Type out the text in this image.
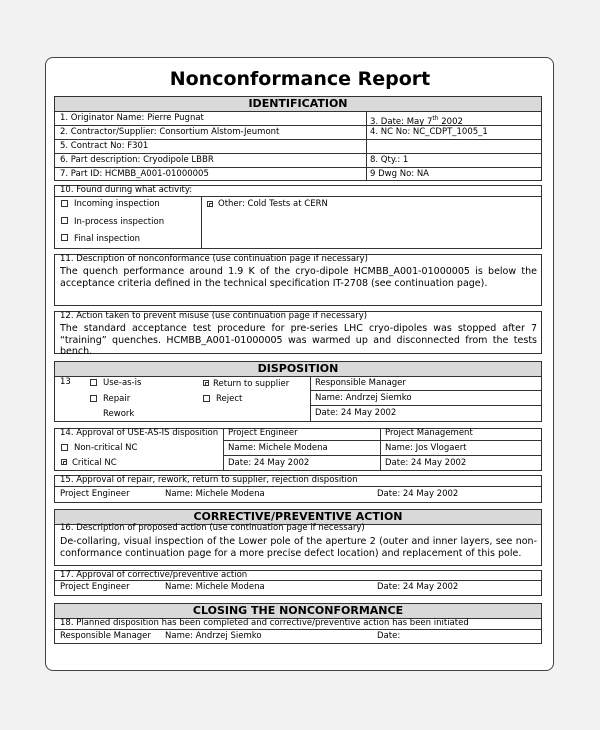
Nonconformance Report
IDENTIFICATION
1. Originator Name: Pierre Pugnat	3. Date: May 7th 2002
2. Contractor/Supplier: Consortium Alstom-Jeumont	4. NC No: NC_CDPT_1005_1
5. Contract No: F301
6. Part description: Cryodipole LBBR	8. Qty.: 1
7. Part ID: HCMBB_A001-01000005	9 Dwg No: NA
10. Found during what activity:
Incoming inspection
In-process inspection
Final inspection
Other: Cold Tests at CERN
11. Description of nonconformance (use continuation page if necessary)
The quench performance around 1.9 K of the cryo-dipole HCMBB_A001-01000005 is below the acceptance criteria defined in the technical specification IT-2708 (see continuation page).
12. Action taken to prevent misuse (use continuation page if necessary)
The standard acceptance test procedure for pre-series LHC cryo-dipoles was stopped after 7 “training” quenches. HCMBB_A001-01000005 was warmed up and disconnected from the tests bench.
DISPOSITION
13	Use-as-is
Repair
Rework
Return to supplier
Reject
Responsible Manager
Name: Andrzej Siemko
Date: 24 May 2002
14. Approval of USE-AS-IS disposition
Non-critical NC
Critical NC
Project Engineer
Name: Michele Modena
Date: 24 May 2002
Project Management
Name: Jos Vlogaert
Date: 24 May 2002
15. Approval of repair, rework, return to supplier, rejection disposition
Project Engineer	Name: Michele Modena	Date: 24 May 2002
CORRECTIVE/PREVENTIVE ACTION
16. Description of proposed action (use continuation page if necessary)
De-collaring, visual inspection of the Lower pole of the aperture 2 (outer and inner layers, see non-conformance continuation page for a more precise defect location) and replacement of this pole.
17. Approval of corrective/preventive action
Project Engineer	Name: Michele Modena	Date: 24 May 2002
CLOSING THE NONCONFORMANCE
18. Planned disposition has been completed and corrective/preventive action has been initiated
Responsible Manager Name: Andrzej Siemko	Date:
